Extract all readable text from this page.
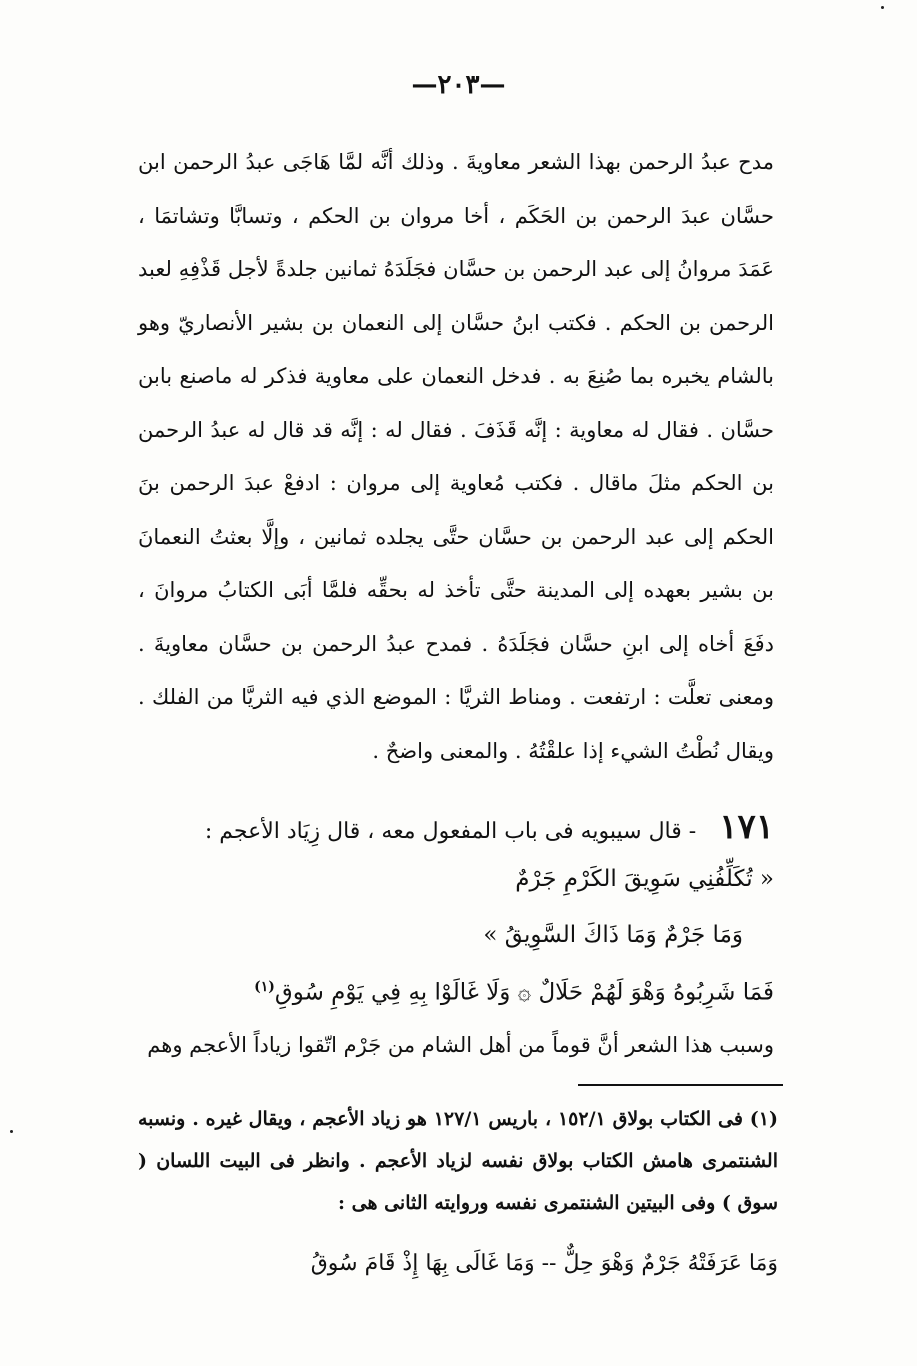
—٢٠٣—

مدح عبدُ الرحمن بهذا الشعر معاويةَ . وذلك أنَّه لمَّا هَاجَى عبدُ الرحمن ابن حسَّان عبدَ الرحمن بن الحَكَم ، أخا مروان بن الحكم ، وتسابَّا وتشاتمَا ، عَمَدَ مروانُ إلى عبد الرحمن بن حسَّان فجَلَدَهُ ثمانين جلدةً لأجل قَذْفِهِ لعبد الرحمن بن الحكم . فكتب ابنُ حسَّان إلى النعمان بن بشير الأنصاريّ وهو بالشام يخبره بما صُنِعَ به . فدخل النعمان على معاوية فذكر له ماصنع بابن حسَّان . فقال له معاوية : إنَّه قَذَفَ . فقال له : إنَّه قد قال له عبدُ الرحمن بن الحكم مثلَ ماقال . فكتب مُعاوية إلى مروان : ادفعْ عبدَ الرحمن بنَ الحكم إلى عبد الرحمن بن حسَّان حتَّى يجلده ثمانين ، وإلَّا بعثتُ النعمانَ بن بشير بعهده إلى المدينة حتَّى تأخذ له بحقِّه فلمَّا أبَى الكتابُ مروانَ ، دفَعَ أخاه إلى ابنِ حسَّان فجَلَدَهُ . فمدح عبدُ الرحمن بن حسَّان معاويةَ . ومعنى تعلَّت : ارتفعت . ومناط الثريَّا : الموضع الذي فيه الثريَّا من الفلك . ويقال نُطْتُ الشيء إذا علقْتُهُ . والمعنى واضحٌ .

١٧١ - قال سيبويه فى باب المفعول معه ، قال زِيَاد الأعجم :
« تُكَلِّفُنِي سَوِيقَ الكَرْمِ جَرْمٌ
وَمَا جَرْمٌ وَمَا ذَاكَ السَّوِيقُ »
فَمَا شَرِبُوهُ وَهْوَ لَهُمْ حَلَالٌ ۞ وَلَا غَالَوْا بِهِ فِي يَوْمِ سُوقِ$^{(١)}$
وسبب هذا الشعر أنَّ قوماً من أهل الشام من جَرْم اتّقوا زياداً الأعجم وهم

(١) فى الكتاب بولاق ١٥٢/١ ، باريس ١٢٧/١ هو زياد الأعجم ، ويقال غيره . ونسبه الشنتمرى هامش الكتاب بولاق نفسه لزياد الأعجم . وانظر فى البيت اللسان ( سوق ) وفى البيتين الشنتمرى نفسه وروايته الثانى هى :

وَمَا عَرَفَتْهُ جَرْمٌ وَهْوَ حِلٌّ -- وَمَا غَالَى بِهَا إِذْ قَامَ سُوقُ
